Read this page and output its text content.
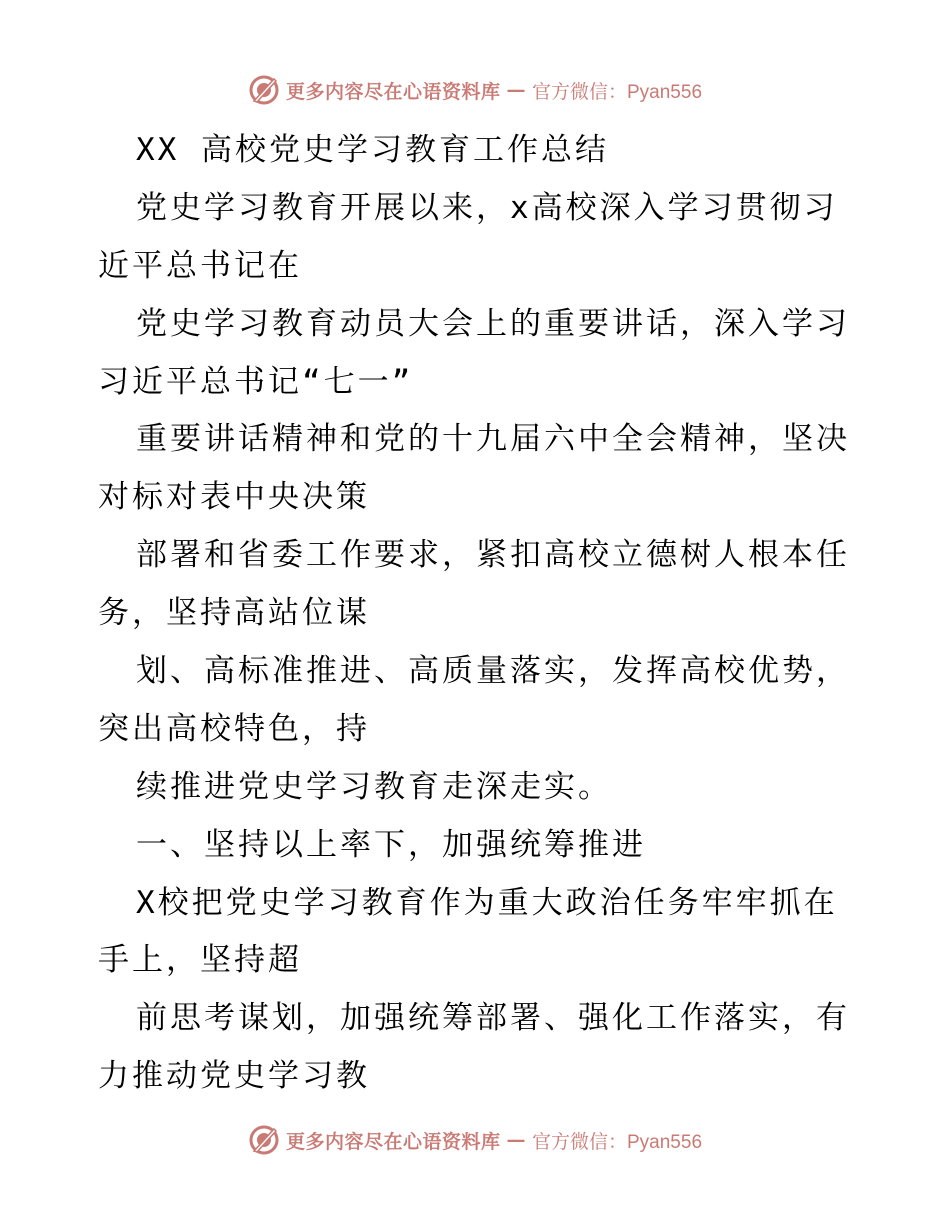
更多内容尽在心语资料库 — 官方微信：Pyan556
XX 高校党史学习教育工作总结
党史学习教育开展以来，x高校深入学习贯彻习
近平总书记在
党史学习教育动员大会上的重要讲话，深入学习
习近平总书记“七一”
重要讲话精神和党的十九届六中全会精神，坚决
对标对表中央决策
部署和省委工作要求，紧扣高校立德树人根本任
务，坚持高站位谋
划、高标准推进、高质量落实，发挥高校优势，
突出高校特色，持
续推进党史学习教育走深走实。
一、坚持以上率下，加强统筹推进
X校把党史学习教育作为重大政治任务牢牢抓在
手上，坚持超
前思考谋划，加强统筹部署、强化工作落实，有
力推动党史学习教
更多内容尽在心语资料库 — 官方微信：Pyan556
